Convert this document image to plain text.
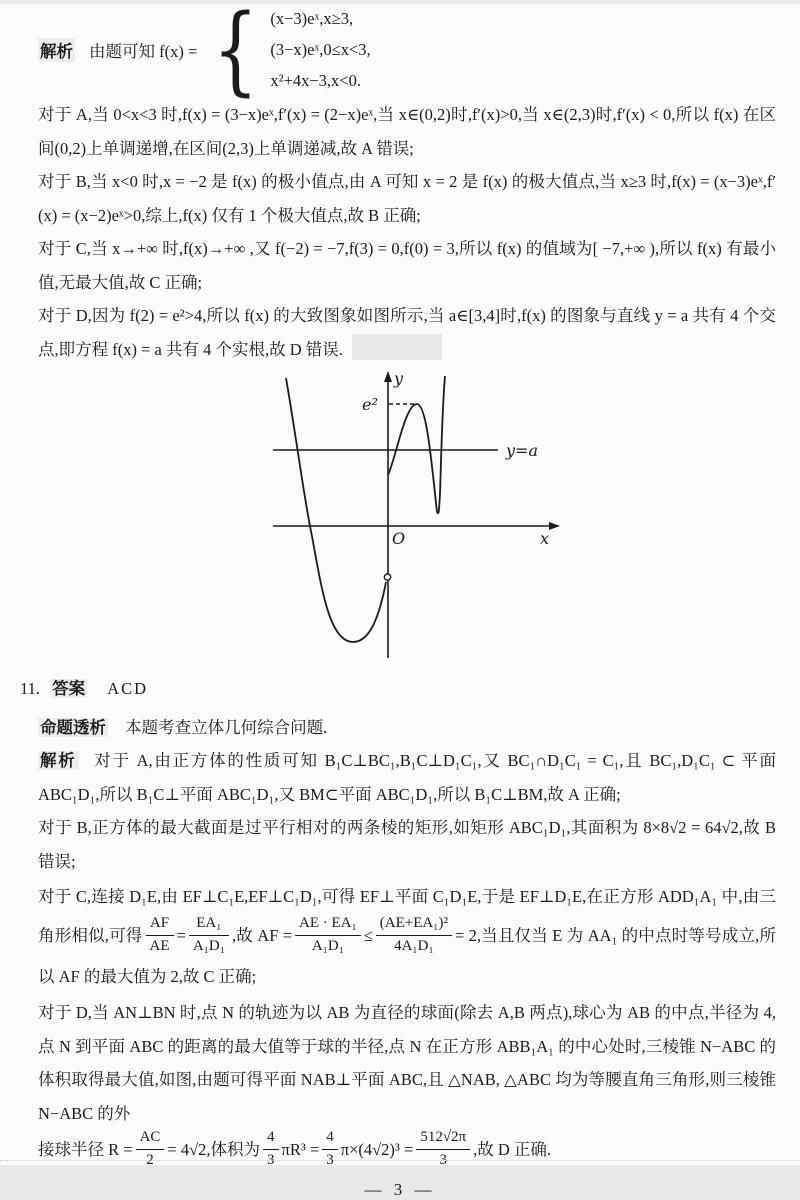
解析 由题可知 f(x) = { (x−3)eˣ,x≥3,
(3−x)eˣ,0≤x<3,
x²+4x−3,x<0.

对于 A,当 0<x<3 时,f(x) = (3−x)eˣ,f′(x) = (2−x)eˣ,当 x∈(0,2)时,f′(x)>0,当 x∈(2,3)时,f′(x) < 0,所以 f(x) 在区间(0,2)上单调递增,在区间(2,3)上单调递减,故 A 错误;

对于 B,当 x<0 时,x = −2 是 f(x) 的极小值点,由 A 可知 x = 2 是 f(x) 的极大值点,当 x≥3 时,f(x) = (x−3)eˣ,f′(x) = (x−2)eˣ>0,综上,f(x) 仅有 1 个极大值点,故 B 正确;

对于 C,当 x→+∞ 时,f(x)→+∞ ,又 f(−2) = −7,f(3) = 0,f(0) = 3,所以 f(x) 的值域为[ −7,+∞ ),所以 f(x) 有最小值,无最大值,故 C 正确;

对于 D,因为 f(2) = e²>4,所以 f(x) 的大致图象如图所示,当 a∈[3,4]时,f(x) 的图象与直线 y = a 共有 4 个交点,即方程 f(x) = a 共有 4 个实根,故 D 错误.

y
x
O
e²
y=a
11. 答案 ACD
命题透析 本题考查立体几何综合问题.

解析 对于 A,由正方体的性质可知 B₁C⊥BC₁,B₁C⊥D₁C₁,又 BC₁∩D₁C₁ = C₁,且 BC₁,D₁C₁ ⊂ 平面 ABC₁D₁,所以 B₁C⊥平面 ABC₁D₁,又 BM⊂平面 ABC₁D₁,所以 B₁C⊥BM,故 A 正确;

对于 B,正方体的最大截面是过平行相对的两条棱的矩形,如矩形 ABC₁D₁,其面积为 8×8√2 = 64√2,故 B 错误;

对于 C,连接 D₁E,由 EF⊥C₁E,EF⊥C₁D₁,可得 EF⊥平面 C₁D₁E,于是 EF⊥D₁E,在正方形 ADD₁A₁ 中,由三角形相似,可得 $\frac{AF}{AE} = \frac{\text{EA₁}}{\text{A₁D₁}}$ ,故 AF = $\frac{\text{AE · EA₁}}{\text{A₁D₁}} \le \frac{\text{(AE+EA₁)²}}{\text{4A₁D₁}} = 2$,当且仅当 E 为 AA₁ 的中点时等号成立,所以 AF 的最大值为 2,故 C 正确;

对于 D,当 AN⊥BN 时,点 N 的轨迹为以 AB 为直径的球面(除去 A,B 两点),球心为 AB 的中点,半径为 4,点 N 到平面 ABC 的距离的最大值等于球的半径,点 N 在正方形 ABB₁A₁ 的中心处时,三棱锥 N−ABC 的体积取得最大值,如图,由题可得平面 NAB⊥平面 ABC,且 △NAB, △ABC 均为等腰直角三角形,则三棱锥 N−ABC 的外

接球半径 $R = \frac{AC}{2} = 4√2$,体积为 $\frac{4}{3} \pi R^3 = \frac{4}{3} \pi\times(4√2)^3 = \frac{512√2\pi}{3}$ ,故 D 正确.

— 3 —
